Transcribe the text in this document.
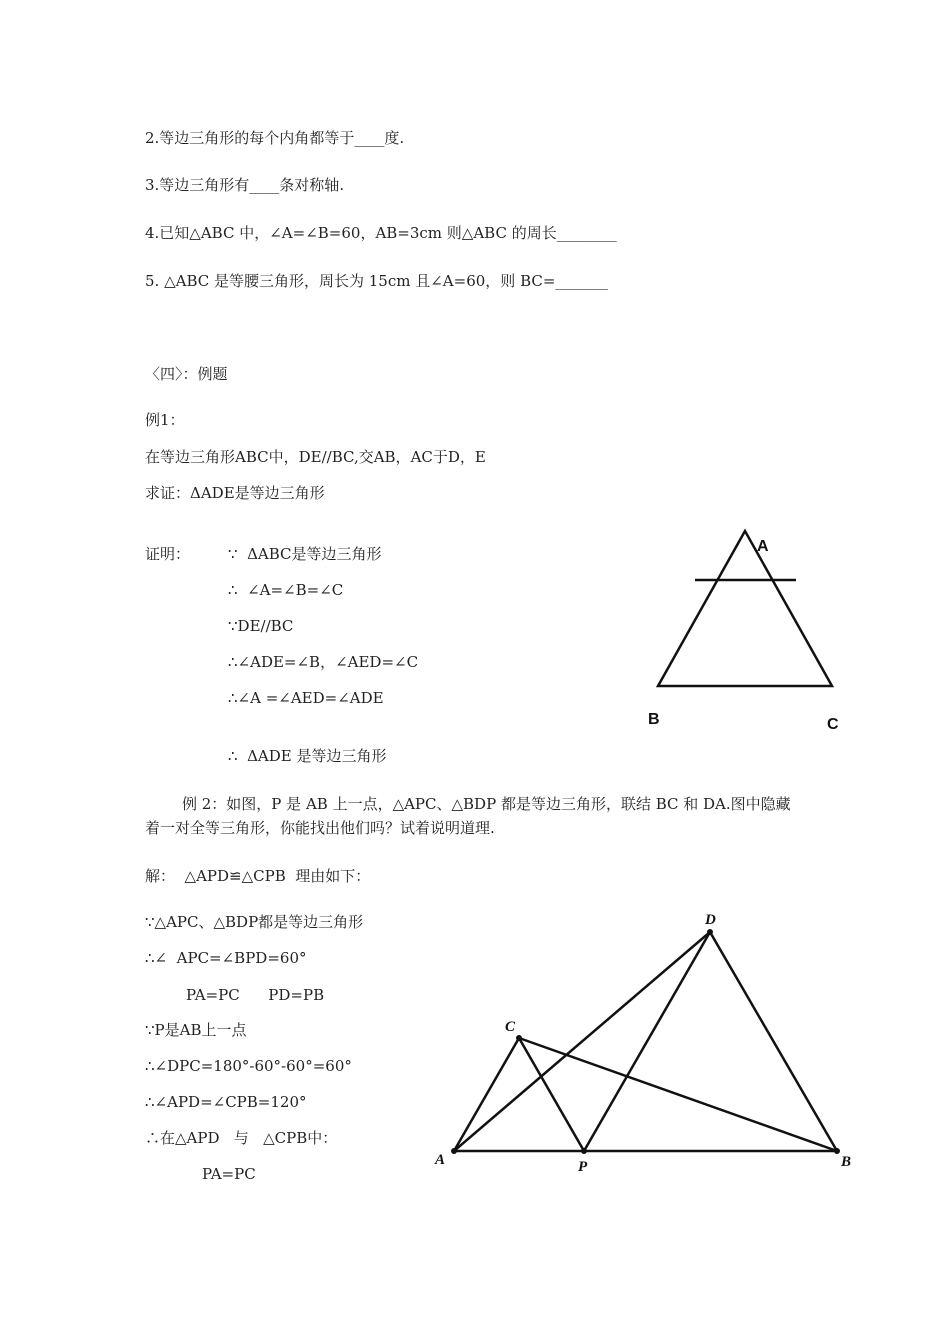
2.等边三角形的每个内角都等于____度.
3.等边三角形有____条对称轴.
4.已知△ABC 中，∠A=∠B=60，AB=3cm 则△ABC 的周长________
5. △ABC 是等腰三角形，周长为 15cm 且∠A=60，则 BC=_______
〈四〉：例题
例1：
在等边三角形ABC中，DE//BC,交AB，AC于D，E
求证：ΔADE是等边三角形
证明：	∵  ΔABC是等边三角形
∴  ∠A=∠B=∠C
∵DE//BC
∴∠ADE=∠B，∠AED=∠C
∴∠A =∠AED=∠ADE
∴  ΔADE 是等边三角形
A
B	C
例 2：如图，P 是 AB 上一点，△APC、△BDP 都是等边三角形，联结 BC 和 DA.图中隐藏
着一对全等三角形，你能找出他们吗？试着说明道理.
解：  △APD≌△CPB  理由如下：
∵△APC、△BDP都是等边三角形
∴∠  APC=∠BPD=60°
PA=PC      PD=PB
∵P是AB上一点
∴∠DPC=180°-60°-60°=60°
∴∠APD=∠CPB=120°
∴在△APD   与   △CPB中：
PA=PC
D
C
A	P	B
